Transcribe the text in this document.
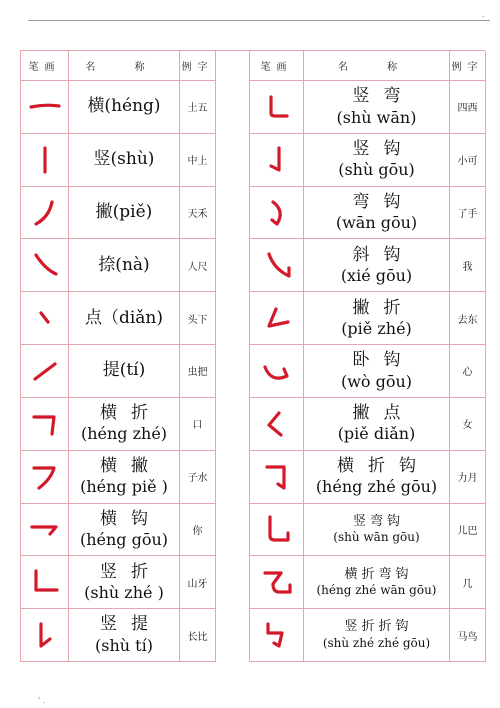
.
笔画	名 称	例字
横(héng)	土五
竖(shù)	中上
撇(piě)	天禾
捺(nà)	人尺
点（diǎn)	头下
提(tí)	虫把
横折
(héng zhé)	口
横撇
(héng piě )	子水
横钩
(héng gōu)	你
竖折
(shù zhé )	山牙
竖提
(shù tí)	长比
笔画	名 称	例字
竖弯
(shù wān)	四西
竖钩
(shù gōu)	小可
弯钩
(wān gōu)	了手
斜钩
(xié gōu)	我
撇折
(piě zhé)	去东
卧钩
(wò gōu)	心
撇点
(piě diǎn)	女
横折钩
(héng zhé gōu)	力月
竖弯钩
(shù wān gōu)	儿巴
横折弯钩
(héng zhé wān gōu)	几
竖折折钩
(shù zhé zhé gōu)	马鸟
' .
